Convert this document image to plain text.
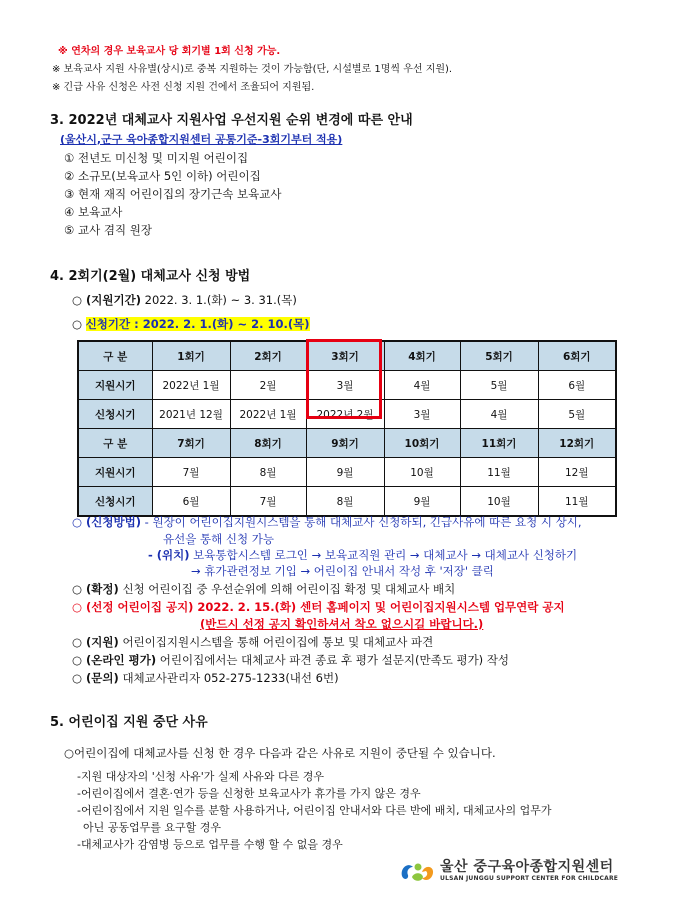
※ 연차의 경우 보육교사 당 회기별 1회 신청 가능.
※ 보육교사 지원 사유별(상시)로 중복 지원하는 것이 가능함(단, 시설별로 1명씩 우선 지원).
※ 긴급 사유 신청은 사전 신청 지원 건에서 조율되어 지원됨.
3. 2022년 대체교사 지원사업 우선지원 순위 변경에 따른 안내
(울산시,군구 육아종합지원센터 공통기준-3회기부터 적용)
① 전년도 미신청 및 미지원 어린이집
② 소규모(보육교사 5인 이하) 어린이집
③ 현재 재직 어린이집의 장기근속 보육교사
④ 보육교사
⑤ 교사 겸직 원장
4. 2회기(2월) 대체교사 신청 방법
○ (지원기간) 2022. 3. 1.(화) ~ 3. 31.(목)
○ 신청기간 : 2022. 2. 1.(화) ~ 2. 10.(목)
구 분	1회기	2회기	3회기	4회기	5회기	6회기
지원시기	2022년 1월	2월	3월	4월	5월	6월
신청시기	2021년 12월	2022년 1월	2022년 2월	3월	4월	5월
구 분	7회기	8회기	9회기	10회기	11회기	12회기
지원시기	7월	8월	9월	10월	11월	12월
신청시기	6월	7월	8월	9월	10월	11월
○ (신청방법) - 원장이 어린이집지원시스템을 통해 대체교사 신청하되, 긴급사유에 따른 요청 시 상시,
유선을 통해 신청 가능
- (위치) 보육통합시스템 로그인 → 보육교직원 관리 → 대체교사 → 대체교사 신청하기
→ 휴가관련정보 기입 → 어린이집 안내서 작성 후 '저장' 클릭
○ (확정) 신청 어린이집 중 우선순위에 의해 어린이집 확정 및 대체교사 배치
○ (선정 어린이집 공지) 2022. 2. 15.(화) 센터 홈페이지 및 어린이집지원시스템 업무연락 공지
(반드시 선정 공지 확인하셔서 착오 없으시길 바랍니다.)
○ (지원) 어린이집지원시스템을 통해 어린이집에 통보 및 대체교사 파견
○ (온라인 평가) 어린이집에서는 대체교사 파견 종료 후 평가 설문지(만족도 평가) 작성
○ (문의) 대체교사관리자 052-275-1233(내선 6번)
5. 어린이집 지원 중단 사유
○어린이집에 대체교사를 신청 한 경우 다음과 같은 사유로 지원이 중단될 수 있습니다.
-지원 대상자의 '신청 사유'가 실제 사유와 다른 경우
-어린이집에서 결혼·연가 등을 신청한 보육교사가 휴가를 가지 않은 경우
-어린이집에서 지원 일수를 분할 사용하거나, 어린이집 안내서와 다른 반에 배치, 대체교사의 업무가
아닌 공동업무를 요구할 경우
-대체교사가 감염병 등으로 업무를 수행 할 수 없을 경우
울산 중구육아종합지원센터
ULSAN JUNGGU SUPPORT CENTER FOR CHILDCARE
